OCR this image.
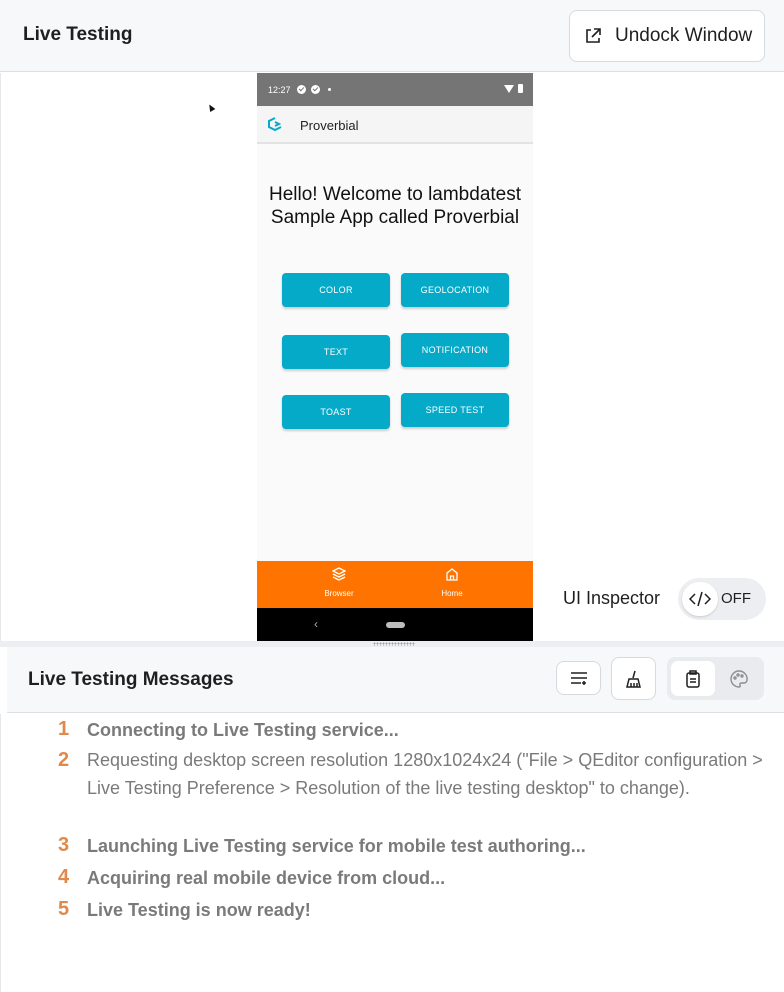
Live Testing	Undock Window
12:27
Proverbial
Hello! Welcome to lambdatest Sample App called Proverbial
COLOR	GEOLOCATION
TEXT	NOTIFICATION
TOAST	SPEED TEST
Browser	Home
‹
UI Inspector	OFF
Live Testing Messages
1 Connecting to Live Testing service...
2 Requesting desktop screen resolution 1280x1024x24 ("File > QEditor configuration > Live Testing Preference > Resolution of the live testing desktop" to change).
3 Launching Live Testing service for mobile test authoring...
4 Acquiring real mobile device from cloud...
5 Live Testing is now ready!
